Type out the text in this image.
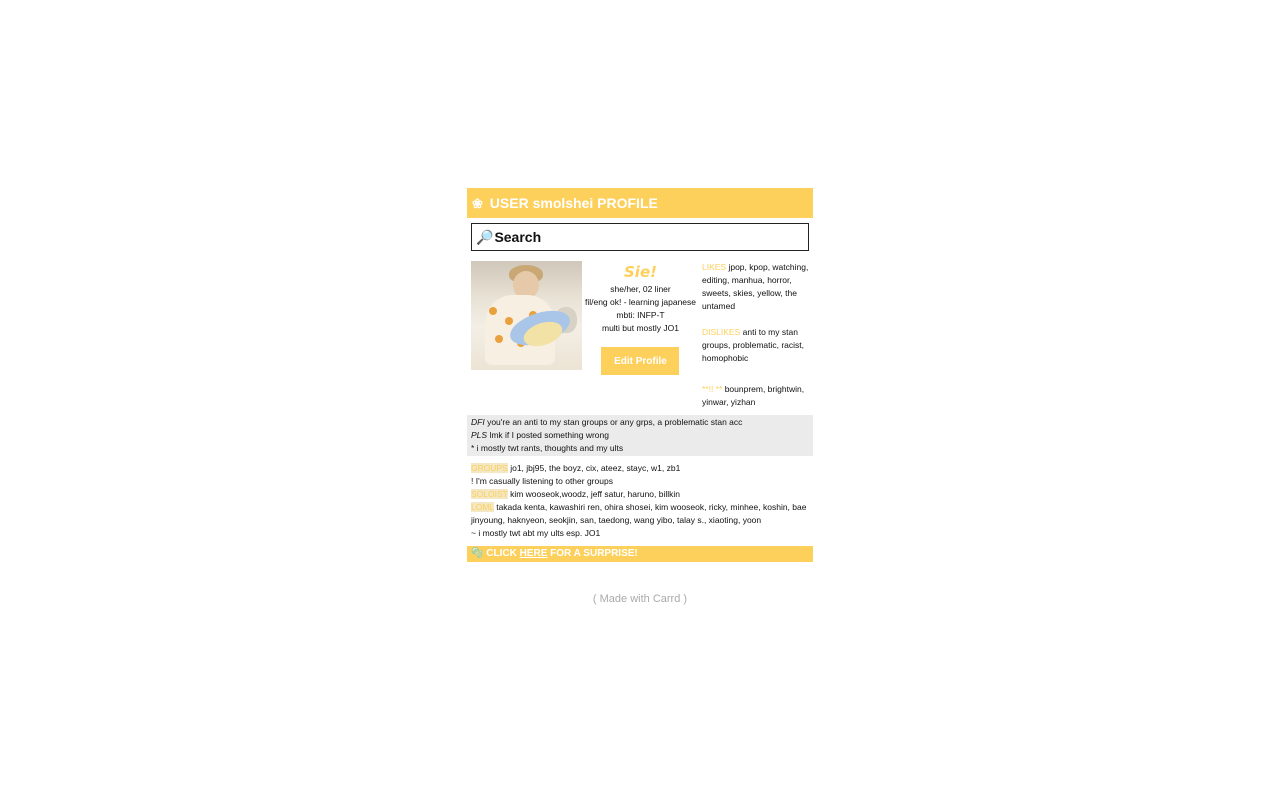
❀ USER smolshei PROFILE
🔎 Search
Sie!
she/her, 02 liner
fil/eng ok! - learning japanese
mbti: INFP-T
multi but mostly JO1
Edit Profile
LIKES jpop, kpop, watching, editing, manhua, horror, sweets, skies, yellow, the untamed
DISLIKES anti to my stan groups, problematic, racist, homophobic
**!! ** bounprem, brightwin, yinwar, yizhan
DFI you're an anti to my stan groups or any grps, a problematic stan acc
PLS lmk if I posted something wrong
* i mostly twt rants, thoughts and my ults
GROUPS jo1, jbj95, the boyz, cix, ateez, stayc, w1, zb1
! I'm casually listening to other groups
SOLOIST kim wooseok,woodz, jeff satur, haruno, billkin
LOML takada kenta, kawashiri ren, ohira shosei, kim wooseok, ricky, minhee, koshin, bae jinyoung, haknyeon, seokjin, san, taedong, wang yibo, talay s., xiaoting, yoon
~ i mostly twt abt my ults esp. JO1
🫧 CLICK HERE FOR A SURPRISE!
( Made with Carrd )
